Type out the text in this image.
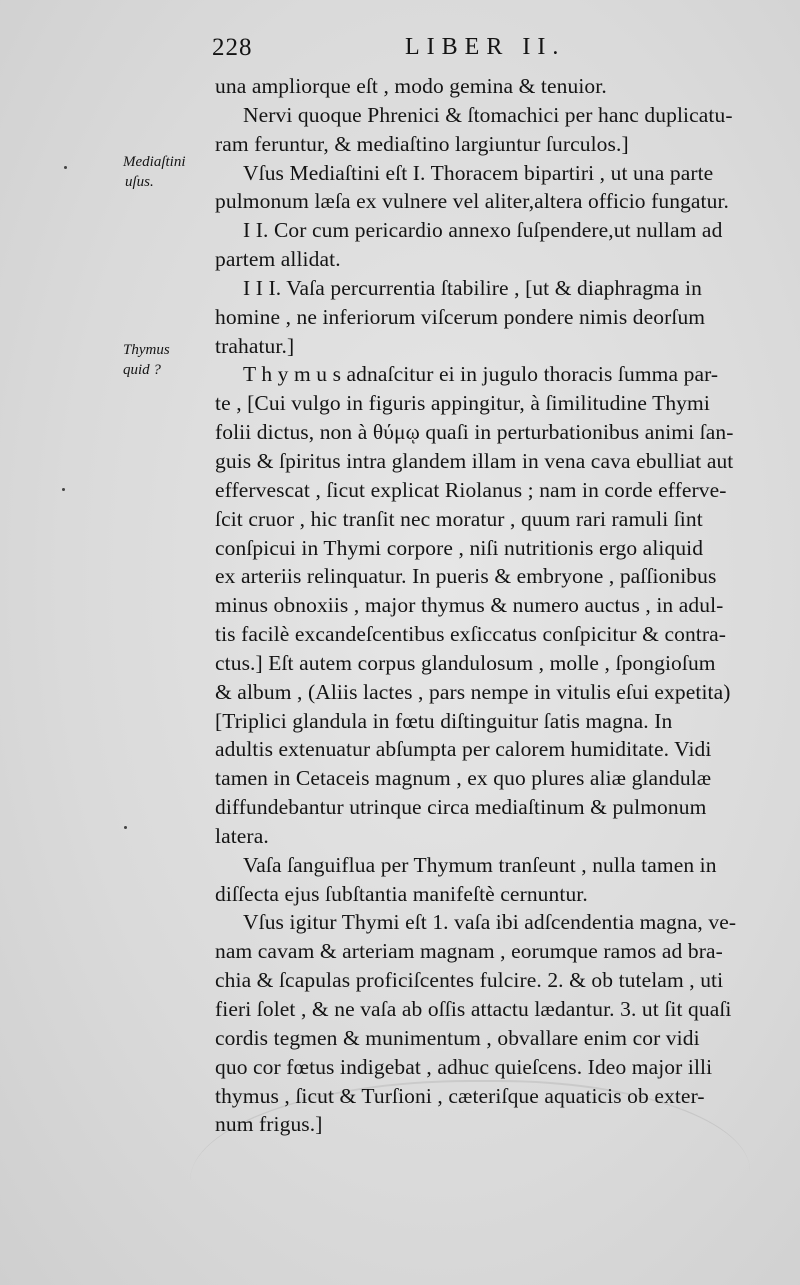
228	LIBER II.
Mediaſtini
uſus.
Thymus
quid ?
una ampliorque eſt , modo gemina & tenuior.
Nervi quoque Phrenici & ſtomachici per hanc duplicatu-
ram feruntur, & mediaſtino largiuntur ſurculos.]
Vſus Mediaſtini eſt I. Thoracem bipartiri , ut una parte
pulmonum læſa ex vulnere vel aliter,altera officio fungatur.
I I. Cor cum pericardio annexo ſuſpendere,ut nullam ad
partem allidat.
I I I. Vaſa percurrentia ſtabilire , [ut & diaphragma in
homine , ne inferiorum viſcerum pondere nimis deorſum
trahatur.]
T h y m u s adnaſcitur ei in jugulo thoracis ſumma par-
te , [Cui vulgo in figuris appingitur, à ſimilitudine Thymi
folii dictus, non à θύμῳ quaſi in perturbationibus animi ſan-
guis & ſpiritus intra glandem illam in vena cava ebulliat aut
effervescat , ſicut explicat Riolanus ; nam in corde efferve-
ſcit cruor , hic tranſit nec moratur , quum rari ramuli ſint
conſpicui in Thymi corpore , niſi nutritionis ergo aliquid
ex arteriis relinquatur. In pueris & embryone , paſſionibus
minus obnoxiis , major thymus & numero auctus , in adul-
tis facilè excandeſcentibus exſiccatus conſpicitur & contra-
ctus.] Eſt autem corpus glandulosum , molle , ſpongioſum
& album , (Aliis lactes , pars nempe in vitulis eſui expetita)
[Triplici glandula in fœtu diſtinguitur ſatis magna. In
adultis extenuatur abſumpta per calorem humiditate. Vidi
tamen in Cetaceis magnum , ex quo plures aliæ glandulæ
diffundebantur utrinque circa mediaſtinum & pulmonum
latera.
Vaſa ſanguiflua per Thymum tranſeunt , nulla tamen in
diſſecta ejus ſubſtantia manifeſtè cernuntur.
Vſus igitur Thymi eſt 1. vaſa ibi adſcendentia magna, ve-
nam cavam & arteriam magnam , eorumque ramos ad bra-
chia & ſcapulas proficiſcentes fulcire. 2. & ob tutelam , uti
fieri ſolet , & ne vaſa ab oſſis attactu lædantur. 3. ut ſit quaſi
cordis tegmen & munimentum , obvallare enim cor vidi
quo cor fœtus indigebat , adhuc quieſcens. Ideo major illi
thymus , ſicut & Turſioni , cæteriſque aquaticis ob exter-
num frigus.]
